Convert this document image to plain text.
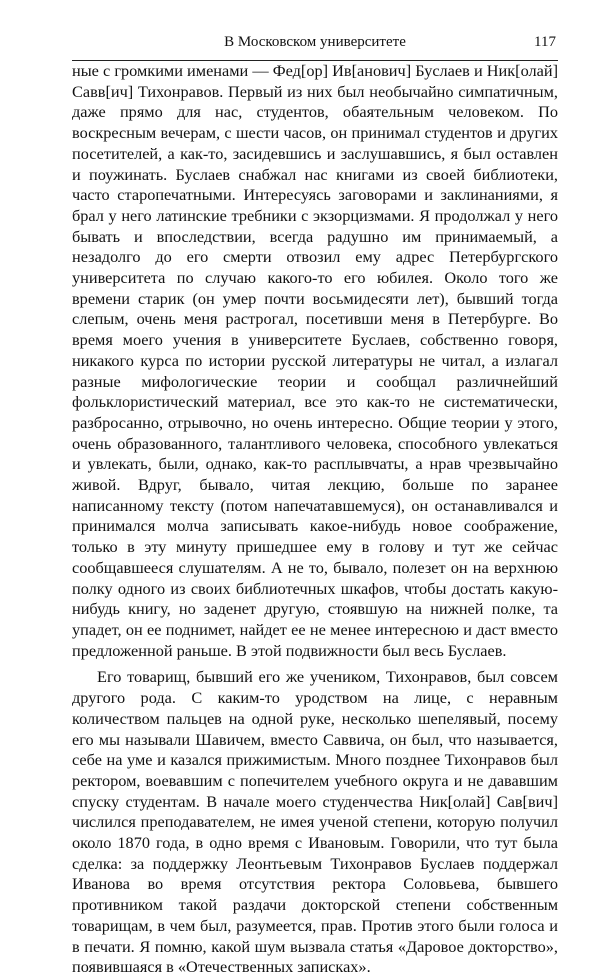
В Московском университете	117

ные с громкими именами — Фед[ор] Ив[анович] Буслаев и Ник[олай] Савв[ич] Тихонравов. Первый из них был необычайно симпатичным, даже прямо для нас, студентов, обаятельным человеком. По воскресным вечерам, с шести часов, он принимал студентов и других посетителей, а как-то, засидевшись и заслушавшись, я был оставлен и поужинать. Буслаев снабжал нас книгами из своей библиотеки, часто старопечатными. Интересуясь заговорами и заклинаниями, я брал у него латинские требники с экзорцизмами. Я продолжал у него бывать и впоследствии, всегда радушно им принимаемый, а незадолго до его смерти отвозил ему адрес Петербургского университета по случаю какого-то его юбилея. Около того же времени старик (он умер почти восьмидесяти лет), бывший тогда слепым, очень меня растрогал, посетивши меня в Петербурге. Во время моего учения в университете Буслаев, собственно говоря, никакого курса по истории русской литературы не читал, а излагал разные мифологические теории и сообщал различнейший фольклористический материал, все это как-то не систематически, разбросанно, отрывочно, но очень интересно. Общие теории у этого, очень образованного, талантливого человека, способного увлекаться и увлекать, были, однако, как-то расплывчаты, а нрав чрезвычайно живой. Вдруг, бывало, читая лекцию, больше по заранее написанному тексту (потом напечатавшемуся), он останавливался и принимался молча записывать какое-нибудь новое соображение, только в эту минуту пришедшее ему в голову и тут же сейчас сообщавшееся слушателям. А не то, бывало, полезет он на верхнюю полку одного из своих библиотечных шкафов, чтобы достать какую-нибудь книгу, но заденет другую, стоявшую на нижней полке, та упадет, он ее поднимет, найдет ее не менее интересною и даст вместо предложенной раньше. В этой подвижности был весь Буслаев.

Его товарищ, бывший его же учеником, Тихонравов, был совсем другого рода. С каким-то уродством на лице, с неравным количеством пальцев на одной руке, несколько шепелявый, посему его мы называли Шавичем, вместо Саввича, он был, что называется, себе на уме и казался прижимистым. Много позднее Тихонравов был ректором, воевавшим с попечителем учебного округа и не дававшим спуску студентам. В начале моего студенчества Ник[олай] Сав[вич] числился преподавателем, не имея ученой степени, которую получил около 1870 года, в одно время с Ивановым. Говорили, что тут была сделка: за поддержку Леонтьевым Тихонравов Буслаев поддержал Иванова во время отсутствия ректора Соловьева, бывшего противником такой раздачи докторской степени собственным товарищам, в чем был, разумеется, прав. Против этого были голоса и в печати. Я помню, какой шум вызвала статья «Даровое докторство», появившаяся в «Отечественных записках».
